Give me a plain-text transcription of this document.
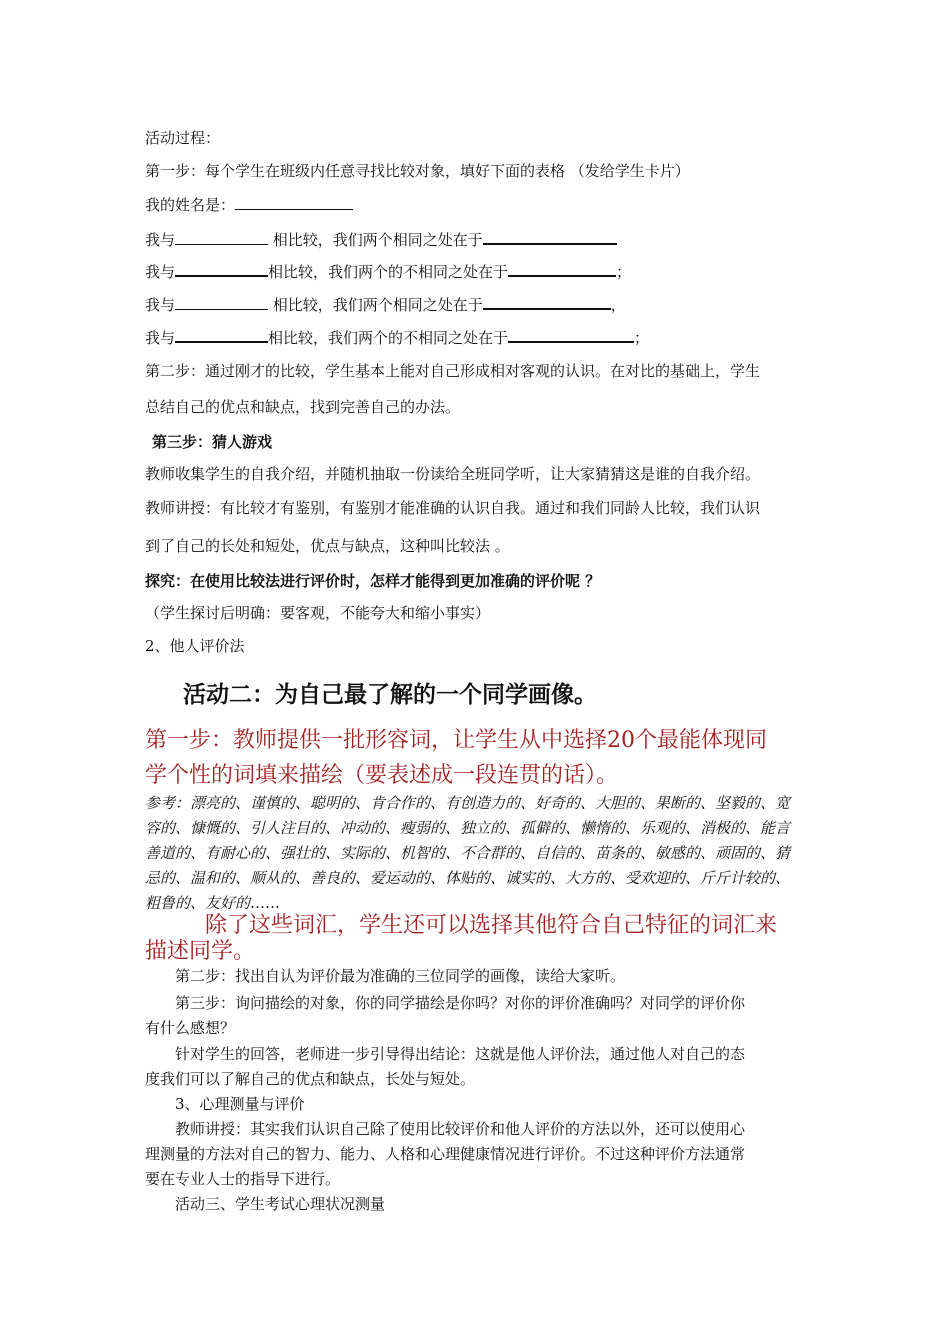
活动过程：
第一步：每个学生在班级内任意寻找比较对象，填好下面的表格 （发给学生卡片）
我的姓名是：
我与	相比较，我们两个相同之处在于
我与	相比较，我们两个的不相同之处在于	；
我与	相比较，我们两个相同之处在于	，
我与	相比较，我们两个的不相同之处在于	；
第二步：通过刚才的比较，学生基本上能对自己形成相对客观的认识。在对比的基础上，学生
总结自己的优点和缺点，找到完善自己的办法。
第三步：猜人游戏
教师收集学生的自我介绍，并随机抽取一份读给全班同学听，让大家猜猜这是谁的自我介绍。
教师讲授：有比较才有鉴别，有鉴别才能准确的认识自我。通过和我们同龄人比较，我们认识
到了自己的长处和短处，优点与缺点，这种叫比较法 。
探究：在使用比较法进行评价时，怎样才能得到更加准确的评价呢 ？
（学生探讨后明确：要客观，不能夸大和缩小事实）
2、他人评价法
活动二：为自己最了解的一个同学画像。
第一步：教师提供一批形容词，让学生从中选择20个最能体现同
学个性的词填来描绘（要表述成一段连贯的话）。
参考：漂亮的、谨慎的、聪明的、肯合作的、有创造力的、好奇的、大胆的、果断的、坚毅的、宽
容的、慷慨的、引人注目的、冲动的、瘦弱的、独立的、孤僻的、懒惰的、乐观的、消极的、能言
善道的、有耐心的、强壮的、实际的、机智的、不合群的、自信的、苗条的、敏感的、顽固的、猜
忌的、温和的、顺从的、善良的、爱运动的、体贴的、诚实的、大方的、受欢迎的、斤斤计较的、
粗鲁的、友好的……
除了这些词汇，学生还可以选择其他符合自己特征的词汇来
描述同学。
第二步：找出自认为评价最为准确的三位同学的画像，读给大家听。
第三步：询问描绘的对象，你的同学描绘是你吗？对你的评价准确吗？对同学的评价你
有什么感想？
针对学生的回答，老师进一步引导得出结论：这就是他人评价法，通过他人对自己的态
度我们可以了解自己的优点和缺点，长处与短处。
3、心理测量与评价
教师讲授：其实我们认识自己除了使用比较评价和他人评价的方法以外，还可以使用心
理测量的方法对自己的智力、能力、人格和心理健康情况进行评价。不过这种评价方法通常
要在专业人士的指导下进行。
活动三、学生考试心理状况测量
